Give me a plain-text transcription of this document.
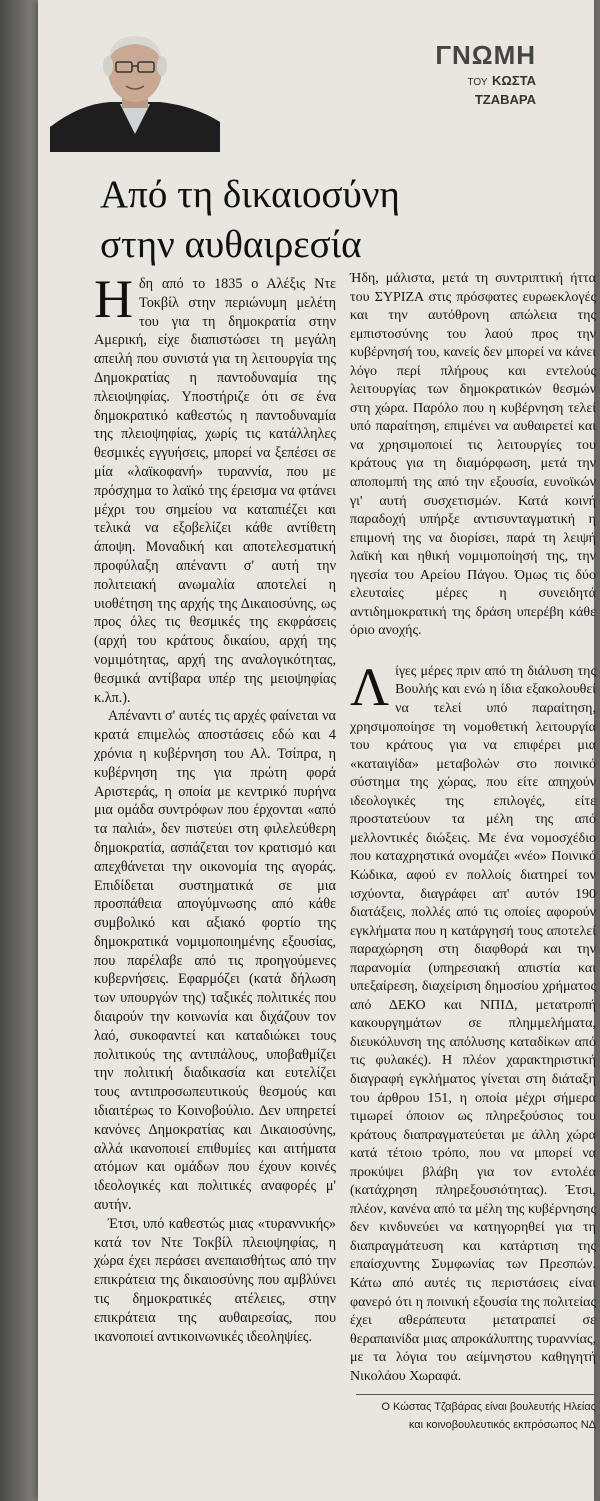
ΓΝΩΜΗ
ΤΟΥ ΚΩΣΤΑ
ΤΖΑΒΑΡΑ
Από τη δικαιοσύνη
στην αυθαιρεσία

Ηδη από το 1835 ο Αλέξις Ντε Τοκβίλ στην περιώνυμη μελέτη του για τη δημοκρατία στην Αμερική, είχε διαπιστώσει τη μεγάλη απειλή που συνιστά για τη λειτουργία της Δημοκρατίας η παντοδυναμία της πλειοψηφίας. Υποστήριζε ότι σε ένα δημοκρατικό καθεστώς η παντοδυναμία της πλειοψηφίας, χωρίς τις κατάλληλες θεσμικές εγγυήσεις, μπορεί να ξεπέσει σε μία «λαϊκοφανή» τυραννία, που με πρόσχημα το λαϊκό της έρεισμα να φτάνει μέχρι του σημείου να καταπιέζει και τελικά να εξοβελίζει κάθε αντίθετη άποψη. Μοναδική και αποτελεσματική προφύλαξη απέναντι σ' αυτή την πολιτειακή ανωμαλία αποτελεί η υιοθέτηση της αρχής της Δικαιοσύνης, ως προς όλες τις θεσμικές της εκφράσεις (αρχή του κράτους δικαίου, αρχή της νομιμότητας, αρχή της αναλογικότητας, θεσμικά αντίβαρα υπέρ της μειοψηφίας κ.λπ.).

Απέναντι σ' αυτές τις αρχές φαίνεται να κρατά επιμελώς αποστάσεις εδώ και 4 χρόνια η κυβέρνηση του Αλ. Τσίπρα, η κυβέρνηση της για πρώτη φορά Αριστεράς, η οποία με κεντρικό πυρήνα μια ομάδα συντρόφων που έρχονται «από τα παλιά», δεν πιστεύει στη φιλελεύθερη δημοκρατία, ασπάζεται τον κρατισμό και απεχθάνεται την οικονομία της αγοράς. Επιδίδεται συστηματικά σε μια προσπάθεια απογύμνωσης από κάθε συμβολικό και αξιακό φορτίο της δημοκρατικά νομιμοποιημένης εξουσίας, που παρέλαβε από τις προηγούμενες κυβερνήσεις. Εφαρμόζει (κατά δήλωση των υπουργών της) ταξικές πολιτικές που διαιρούν την κοινωνία και διχάζουν τον λαό, συκοφαντεί και καταδιώκει τους πολιτικούς της αντιπάλους, υποβαθμίζει την πολιτική διαδικασία και ευτελίζει τους αντιπροσωπευτικούς θεσμούς και ιδιαιτέρως το Κοινοβούλιο. Δεν υπηρετεί κανόνες Δημοκρατίας και Δικαιοσύνης, αλλά ικανοποιεί επιθυμίες και αιτήματα ατόμων και ομάδων που έχουν κοινές ιδεολογικές και πολιτικές αναφορές μ' αυτήν.

Έτσι, υπό καθεστώς μιας «τυραννικής» κατά τον Ντε Τοκβίλ πλειοψηφίας, η χώρα έχει περάσει ανεπαισθήτως από την επικράτεια της δικαιοσύνης που αμβλύνει τις δημοκρατικές ατέλειες, στην επικράτεια της αυθαιρεσίας, που ικανοποιεί αντικοινωνικές ιδεοληψίες.

Ήδη, μάλιστα, μετά τη συντριπτική ήττα του ΣΥΡΙΖΑ στις πρόσφατες ευρωεκλογές και την αυτόθρονη απώλεια της εμπιστοσύνης του λαού προς την κυβέρνησή του, κανείς δεν μπορεί να κάνει λόγο περί πλήρους και εντελούς λειτουργίας των δημοκρατικών θεσμών στη χώρα. Παρόλο που η κυβέρνηση τελεί υπό παραίτηση, επιμένει να αυθαιρετεί και να χρησιμοποιεί τις λειτουργίες του κράτους για τη διαμόρφωση, μετά την αποπομπή της από την εξουσία, ευνοϊκών γι' αυτή συσχετισμών. Κατά κοινή παραδοχή υπήρξε αντισυνταγματική η επιμονή της να διορίσει, παρά τη λειψή λαϊκή και ηθική νομιμοποίησή της, την ηγεσία του Αρείου Πάγου. Όμως τις δύο ελευταίες μέρες η συνειδητά αντιδημοκρατική της δράση υπερέβη κάθε όριο ανοχής.

Λίγες μέρες πριν από τη διάλυση της Βουλής και ενώ η ίδια εξακολουθεί να τελεί υπό παραίτηση, χρησιμοποίησε τη νομοθετική λειτουργία του κράτους για να επιφέρει μια «καταιγίδα» μεταβολών στο ποινικό σύστημα της χώρας, που είτε απηχούν ιδεολογικές της επιλογές, είτε προστατεύουν τα μέλη της από μελλοντικές διώξεις. Με ένα νομοσχέδιο που καταχρηστικά ονομάζει «νέο» Ποινικό Κώδικα, αφού εν πολλοίς διατηρεί τον ισχύοντα, διαγράφει απ' αυτόν 190 διατάξεις, πολλές από τις οποίες αφορούν εγκλήματα που η κατάργησή τους αποτελεί παραχώρηση στη διαφθορά και την παρανομία (υπηρεσιακή απιστία και υπεξαίρεση, διαχείριση δημοσίου χρήματος από ΔΕΚΟ και ΝΠΙΔ, μετατροπή κακουργημάτων σε πλημμελήματα, διευκόλυνση της απόλυσης καταδίκων από τις φυλακές). Η πλέον χαρακτηριστική διαγραφή εγκλήματος γίνεται στη διάταξη του άρθρου 151, η οποία μέχρι σήμερα τιμωρεί όποιον ως πληρεξούσιος του κράτους διαπραγματεύεται με άλλη χώρα κατά τέτοιο τρόπο, που να μπορεί να προκύψει βλάβη για τον εντολέα (κατάχρηση πληρεξουσιότητας). Έτσι, πλέον, κανένα από τα μέλη της κυβέρνησης δεν κινδυνεύει να κατηγορηθεί για τη διαπραγμάτευση και κατάρτιση της επαίσχυντης Συμφωνίας των Πρεσπών. Κάτω από αυτές τις περιστάσεις είναι φανερό ότι η ποινική εξουσία της πολιτείας έχει αθεράπευτα μετατραπεί σε θεραπαινίδα μιας απροκάλυπτης τυραννίας, με τα λόγια του αείμνηστου καθηγητή Νικολάου Χωραφά.

Ο Κώστας Τζαβάρας είναι βουλευτής Ηλείας
και κοινοβουλευτικός εκπρόσωπος ΝΔ
